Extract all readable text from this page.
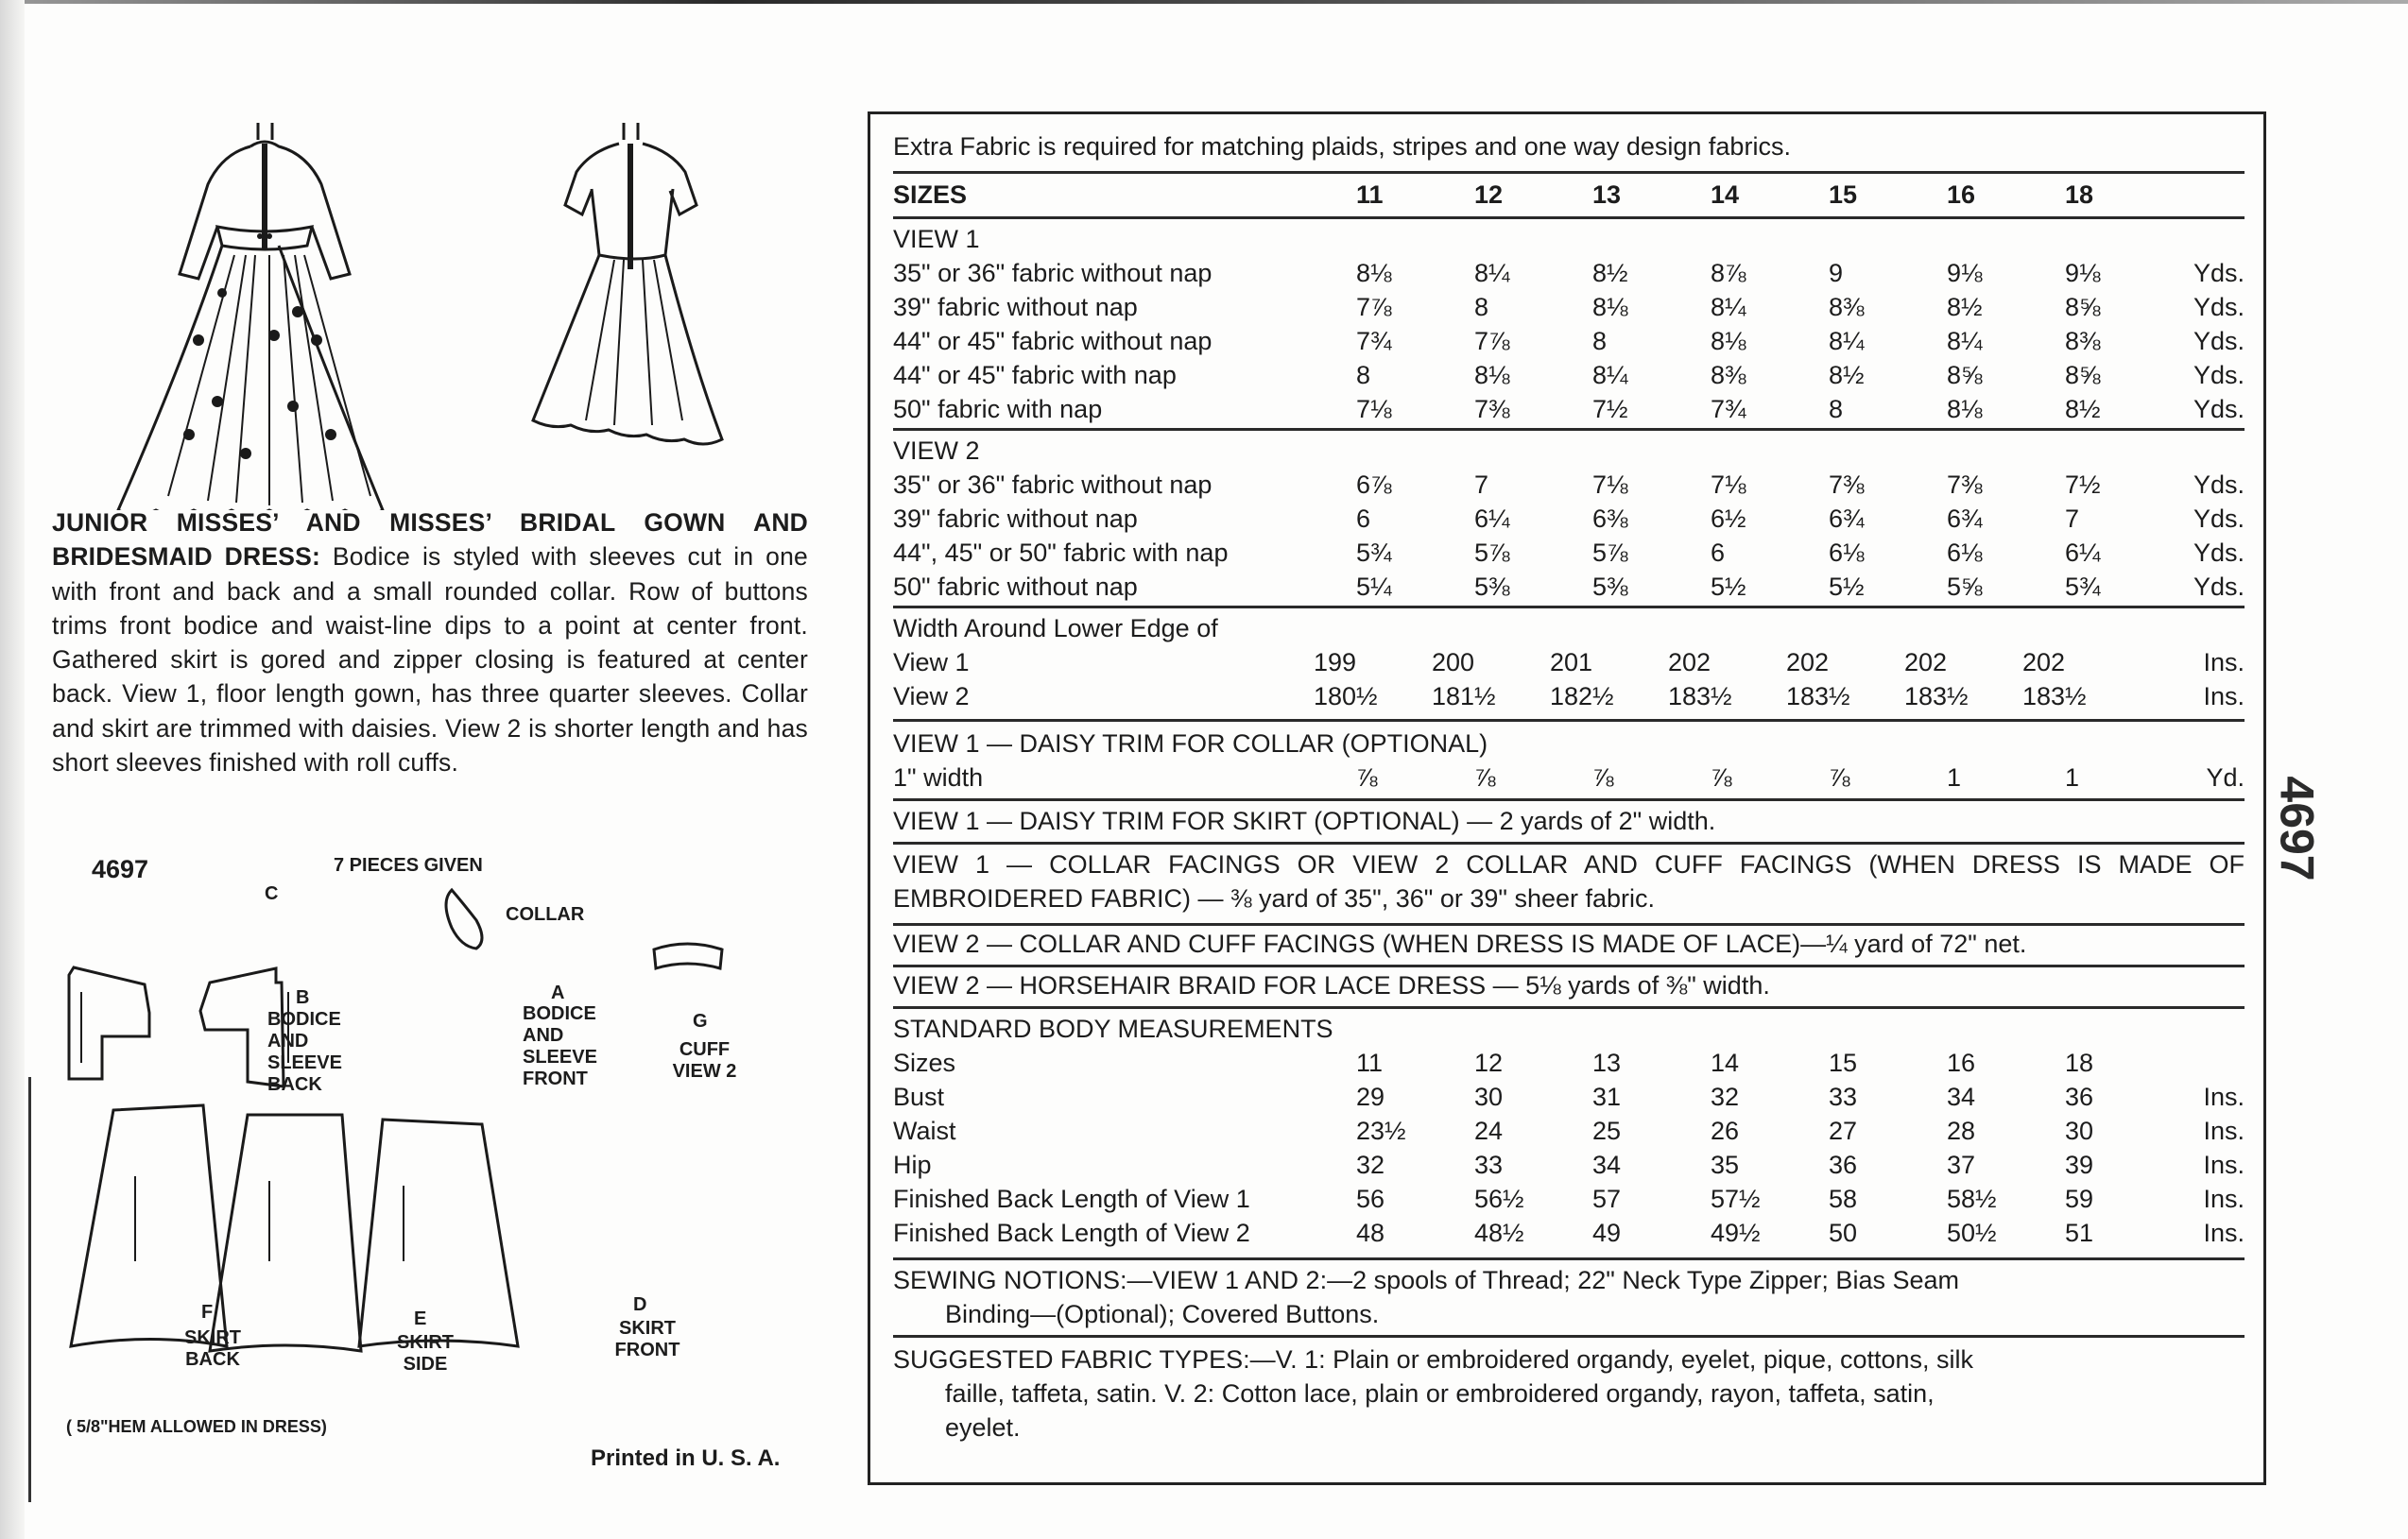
JUNIOR MISSES’ AND MISSES’ BRIDAL GOWN AND BRIDESMAID DRESS: Bodice is styled with sleeves cut in one with front and back and a small rounded collar. Row of buttons trims front bodice and waist-line dips to a point at center front. Gathered skirt is gored and zipper closing is featured at center back. View 1, floor length gown, has three quarter sleeves. Collar and skirt are trimmed with daisies. View 2 is shorter length and has short sleeves finished with roll cuffs.
4697	7 PIECES GIVEN
C
COLLAR
B
BODICE AND SLEEVE BACK
A
BODICE AND SLEEVE FRONT
G
CUFF VIEW 2
F
SKIRT BACK
E
SKIRT SIDE
D
SKIRT FRONT
( 5/8"HEM ALLOWED IN DRESS)
Printed in U. S. A.
Extra Fabric is required for matching plaids, stripes and one way design fabrics.
SIZES	11	12	13	14	15	16	18
VIEW 1
35" or 36" fabric without nap	8⅛	8¼	8½	8⅞	9	9⅛	9⅛	Yds.
39" fabric without nap	7⅞	8	8⅛	8¼	8⅜	8½	8⅝	Yds.
44" or 45" fabric without nap	7¾	7⅞	8	8⅛	8¼	8¼	8⅜	Yds.
44" or 45" fabric with nap	8	8⅛	8¼	8⅜	8½	8⅝	8⅝	Yds.
50" fabric with nap	7⅛	7⅜	7½	7¾	8	8⅛	8½	Yds.
VIEW 2
35" or 36" fabric without nap	6⅞	7	7⅛	7⅛	7⅜	7⅜	7½	Yds.
39" fabric without nap	6	6¼	6⅜	6½	6¾	6¾	7	Yds.
44", 45" or 50" fabric with nap	5¾	5⅞	5⅞	6	6⅛	6⅛	6¼	Yds.
50" fabric without nap	5¼	5⅜	5⅜	5½	5½	5⅝	5¾	Yds.
Width Around Lower Edge of
View 1	199	200	201	202	202	202	202	Ins.
View 2	180½	181½	182½	183½	183½	183½	183½	Ins.
VIEW 1 — DAISY TRIM FOR COLLAR (OPTIONAL)
1" width	⅞	⅞	⅞	⅞	⅞	1	1	Yd.
VIEW 1 — DAISY TRIM FOR SKIRT (OPTIONAL) — 2 yards of 2" width.
VIEW 1 — COLLAR FACINGS OR VIEW 2 COLLAR AND CUFF FACINGS (WHEN DRESS IS MADE OF EMBROIDERED FABRIC) — ⅜ yard of 35", 36" or 39" sheer fabric.
VIEW 2 — COLLAR AND CUFF FACINGS (WHEN DRESS IS MADE OF LACE)—¼ yard of 72" net.
VIEW 2 — HORSEHAIR BRAID FOR LACE DRESS — 5⅛ yards of ⅜" width.
STANDARD BODY MEASUREMENTS
Sizes	11	12	13	14	15	16	18
Bust	29	30	31	32	33	34	36	Ins.
Waist	23½	24	25	26	27	28	30	Ins.
Hip	32	33	34	35	36	37	39	Ins.
Finished Back Length of View 1	56	56½	57	57½	58	58½	59	Ins.
Finished Back Length of View 2	48	48½	49	49½	50	50½	51	Ins.
SEWING NOTIONS:—VIEW 1 AND 2:—2 spools of Thread; 22" Neck Type Zipper; Bias Seam
Binding—(Optional); Covered Buttons.
SUGGESTED FABRIC TYPES:—V. 1: Plain or embroidered organdy, eyelet, pique, cottons, silk
faille, taffeta, satin. V. 2: Cotton lace, plain or embroidered organdy, rayon, taffeta, satin,
eyelet.
4697
